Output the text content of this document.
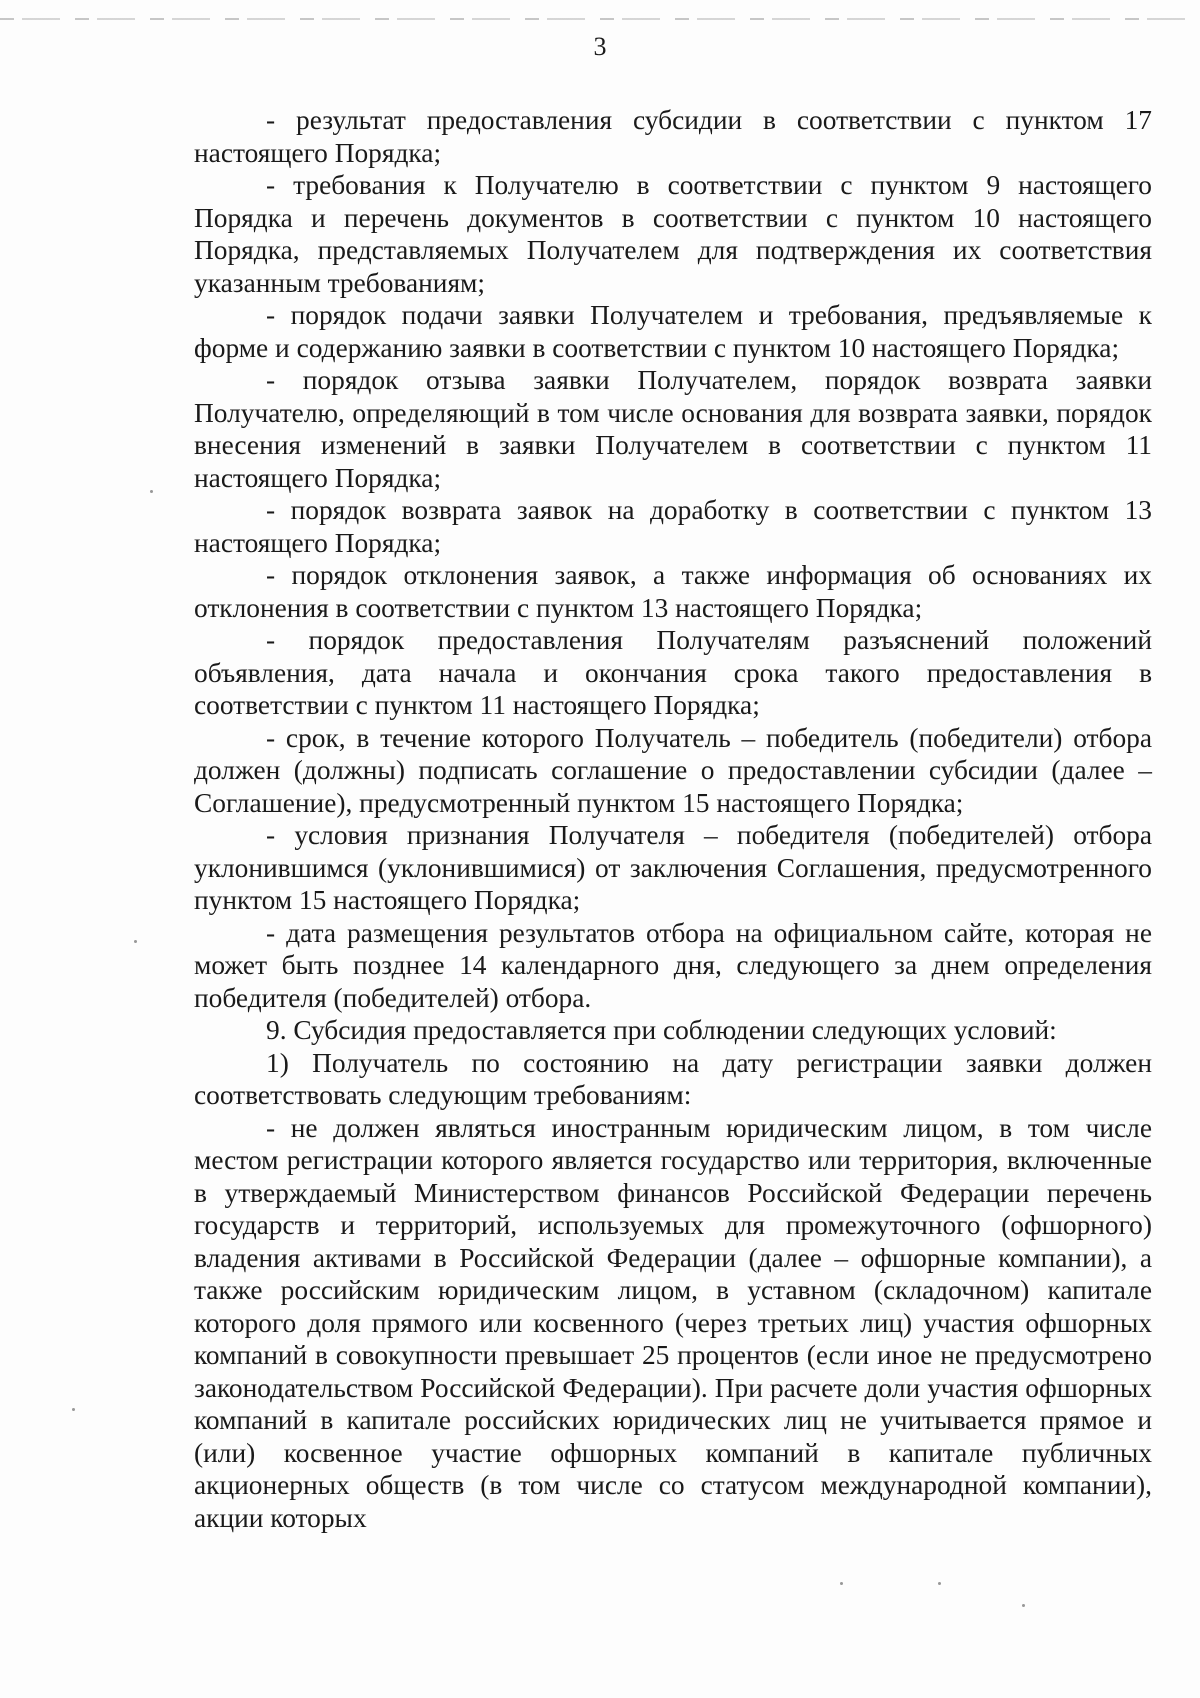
3

- результат предоставления субсидии в соответствии с пунктом 17 настоящего Порядка;

- требования к Получателю в соответствии с пунктом 9 настоящего Порядка и перечень документов в соответствии с пунктом 10 настоящего Порядка, представляемых Получателем для подтверждения их соответствия указанным требованиям;

- порядок подачи заявки Получателем и требования, предъявляемые к форме и содержанию заявки в соответствии с пунктом 10 настоящего Порядка;

- порядок отзыва заявки Получателем, порядок возврата заявки Получателю, определяющий в том числе основания для возврата заявки, порядок внесения изменений в заявки Получателем в соответствии с пунктом 11 настоящего Порядка;

- порядок возврата заявок на доработку в соответствии с пунктом 13 настоящего Порядка;

- порядок отклонения заявок, а также информация об основаниях их отклонения в соответствии с пунктом 13 настоящего Порядка;

- порядок предоставления Получателям разъяснений положений объявления, дата начала и окончания срока такого предоставления в соответствии с пунктом 11 настоящего Порядка;

- срок, в течение которого Получатель – победитель (победители) отбора должен (должны) подписать соглашение о предоставлении субсидии (далее – Соглашение), предусмотренный пунктом 15 настоящего Порядка;

- условия признания Получателя – победителя (победителей) отбора уклонившимся (уклонившимися) от заключения Соглашения, предусмотренного пунктом 15 настоящего Порядка;

- дата размещения результатов отбора на официальном сайте, которая не может быть позднее 14 календарного дня, следующего за днем определения победителя (победителей) отбора.

9. Субсидия предоставляется при соблюдении следующих условий:

1) Получатель по состоянию на дату регистрации заявки должен соответствовать следующим требованиям:

- не должен являться иностранным юридическим лицом, в том числе местом регистрации которого является государство или территория, включенные в утверждаемый Министерством финансов Российской Федерации перечень государств и территорий, используемых для промежуточного (офшорного) владения активами в Российской Федерации (далее – офшорные компании), а также российским юридическим лицом, в уставном (складочном) капитале которого доля прямого или косвенного (через третьих лиц) участия офшорных компаний в совокупности превышает 25 процентов (если иное не предусмотрено законодательством Российской Федерации). При расчете доли участия офшорных компаний в капитале российских юридических лиц не учитывается прямое и (или) косвенное участие офшорных компаний в капитале публичных акционерных обществ (в том числе со статусом международной компании), акции которых
